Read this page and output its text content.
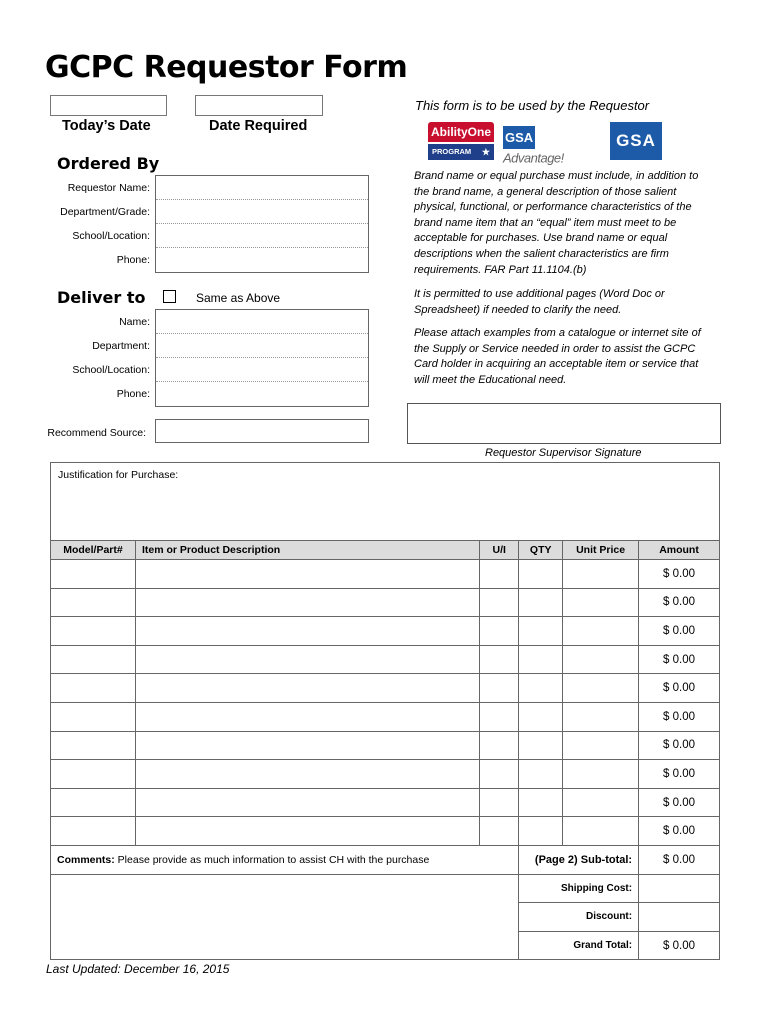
GCPC Requestor Form
Today’s Date	Date Required
This form is to be used by the Requestor
AbilityOne
PROGRAM ★
GSA Advantage!
GSA
Ordered By
Requestor Name:
Department/Grade:
School/Location:
Phone:
Deliver to	Same as Above
Name:
Department:
School/Location:
Phone:
Recommend Source:
Brand name or equal purchase must include, in addition to the brand name, a general description of those salient physical, functional, or performance characteristics of the brand name item that an “equal” item must meet to be acceptable for purchases. Use brand name or equal descriptions when the salient characteristics are firm requirements. FAR Part 11.1104.(b)
It is permitted to use additional pages (Word Doc or Spreadsheet) if needed to clarify the need.
Please attach examples from a catalogue or internet site of the Supply or Service needed in order to assist the GCPC Card holder in acquiring an acceptable item or service that will meet the Educational need.
Requestor Supervisor Signature
Justification for Purchase:
Model/Part#	Item or Product Description	U/I	QTY	Unit Price	Amount
					$ 0.00
					$ 0.00
					$ 0.00
					$ 0.00
					$ 0.00
					$ 0.00
					$ 0.00
					$ 0.00
					$ 0.00
					$ 0.00
Comments: Please provide as much information to assist CH with the purchase	(Page 2) Sub-total:	$ 0.00
	Shipping Cost:	
	Discount:	
	Grand Total:	$ 0.00
Last Updated: December 16, 2015
